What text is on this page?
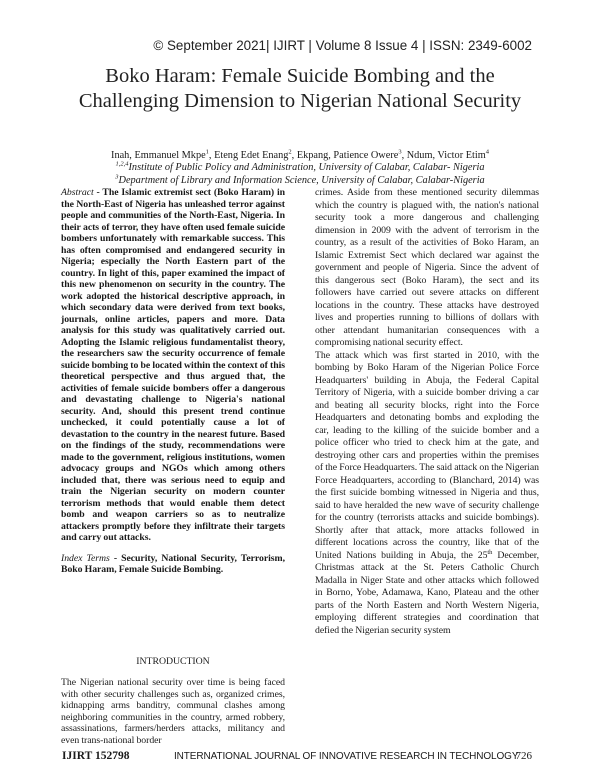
© September 2021| IJIRT | Volume 8 Issue 4 | ISSN: 2349-6002
Boko Haram: Female Suicide Bombing and the
Challenging Dimension to Nigerian National Security
Inah, Emmanuel Mkpe$^1$, Eteng Edet Enang$^2$, Ekpang, Patience Owere$^3$, Ndum, Victor Etim$^4$
$^{1,2,4}$Institute of Public Policy and Administration, University of Calabar, Calabar- Nigeria
$^3$Department of Library and Information Science, University of Calabar, Calabar-Nigeria

Abstract - The Islamic extremist sect (Boko Haram) in the North-East of Nigeria has unleashed terror against people and communities of the North-East, Nigeria. In their acts of terror, they have often used female suicide bombers unfortunately with remarkable success. This has often compromised and endangered security in Nigeria; especially the North Eastern part of the country. In light of this, paper examined the impact of this new phenomenon on security in the country. The work adopted the historical descriptive approach, in which secondary data were derived from text books, journals, online articles, papers and more. Data analysis for this study was qualitatively carried out. Adopting the Islamic religious fundamentalist theory, the researchers saw the security occurrence of female suicide bombing to be located within the context of this theoretical perspective and thus argued that, the activities of female suicide bombers offer a dangerous and devastating challenge to Nigeria's national security. And, should this present trend continue unchecked, it could potentially cause a lot of devastation to the country in the nearest future. Based on the findings of the study, recommendations were made to the government, religious institutions, women advocacy groups and NGOs which among others included that, there was serious need to equip and train the Nigerian security on modern counter terrorism methods that would enable them detect bomb and weapon carriers so as to neutralize attackers promptly before they infiltrate their targets and carry out attacks.

Index Terms - Security, National Security, Terrorism, Boko Haram, Female Suicide Bombing.

INTRODUCTION

The Nigerian national security over time is being faced with other security challenges such as, organized crimes, kidnapping arms banditry, communal clashes among neighboring communities in the country, armed robbery, assassinations, farmers/herders attacks, militancy and even trans-national border

crimes. Aside from these mentioned security dilemmas which the country is plagued with, the nation's national security took a more dangerous and challenging dimension in 2009 with the advent of terrorism in the country, as a result of the activities of Boko Haram, an Islamic Extremist Sect which declared war against the government and people of Nigeria. Since the advent of this dangerous sect (Boko Haram), the sect and its followers have carried out severe attacks on different locations in the country. These attacks have destroyed lives and properties running to billions of dollars with other attendant humanitarian consequences with a compromising national security effect.

The attack which was first started in 2010, with the bombing by Boko Haram of the Nigerian Police Force Headquarters' building in Abuja, the Federal Capital Territory of Nigeria, with a suicide bomber driving a car and beating all security blocks, right into the Force Headquarters and detonating bombs and exploding the car, leading to the killing of the suicide bomber and a police officer who tried to check him at the gate, and destroying other cars and properties within the premises of the Force Headquarters. The said attack on the Nigerian Force Headquarters, according to (Blanchard, 2014) was the first suicide bombing witnessed in Nigeria and thus, said to have heralded the new wave of security challenge for the country (terrorists attacks and suicide bombings). Shortly after that attack, more attacks followed in different locations across the country, like that of the United Nations building in Abuja, the 25th December, Christmas attack at the St. Peters Catholic Church Madalla in Niger State and other attacks which followed in Borno, Yobe, Adamawa, Kano, Plateau and the other parts of the North Eastern and North Western Nigeria, employing different strategies and coordination that defied the Nigerian security system

IJIRT 152798	INTERNATIONAL JOURNAL OF INNOVATIVE RESEARCH IN TECHNOLOGY
726
